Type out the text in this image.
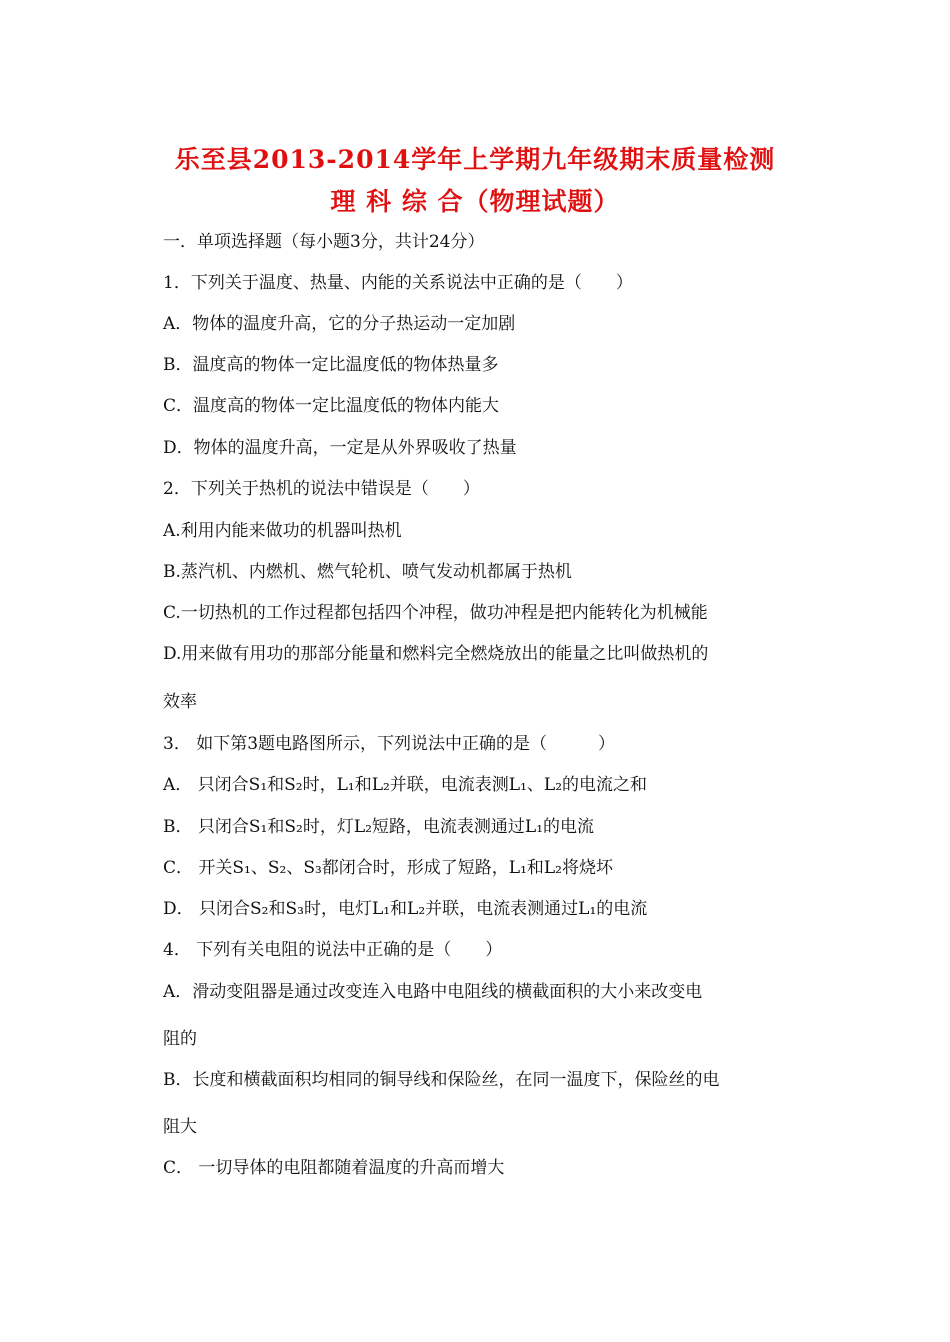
乐至县2013-2014学年上学期九年级期末质量检测
理 科 综 合（物理试题）
一．单项选择题（每小题3分，共计24分）
1．下列关于温度、热量、内能的关系说法中正确的是（　　）
A．物体的温度升高，它的分子热运动一定加剧
B．温度高的物体一定比温度低的物体热量多
C．温度高的物体一定比温度低的物体内能大
D．物体的温度升高，一定是从外界吸收了热量
2．下列关于热机的说法中错误是（　　）
A.利用内能来做功的机器叫热机
B.蒸汽机、内燃机、燃气轮机、喷气发动机都属于热机
C.一切热机的工作过程都包括四个冲程，做功冲程是把内能转化为机械能
D.用来做有用功的那部分能量和燃料完全燃烧放出的能量之比叫做热机的
效率
3． 如下第3题电路图所示，下列说法中正确的是（　　　）
A． 只闭合S₁和S₂时，L₁和L₂并联，电流表测L₁、L₂的电流之和
B． 只闭合S₁和S₂时，灯L₂短路，电流表测通过L₁的电流
C． 开关S₁、S₂、S₃都闭合时，形成了短路，L₁和L₂将烧坏
D． 只闭合S₂和S₃时，电灯L₁和L₂并联，电流表测通过L₁的电流
4． 下列有关电阻的说法中正确的是（　　）
A．滑动变阻器是通过改变连入电路中电阻线的横截面积的大小来改变电
阻的
B．长度和横截面积均相同的铜导线和保险丝，在同一温度下，保险丝的电
阻大
C． 一切导体的电阻都随着温度的升高而增大
